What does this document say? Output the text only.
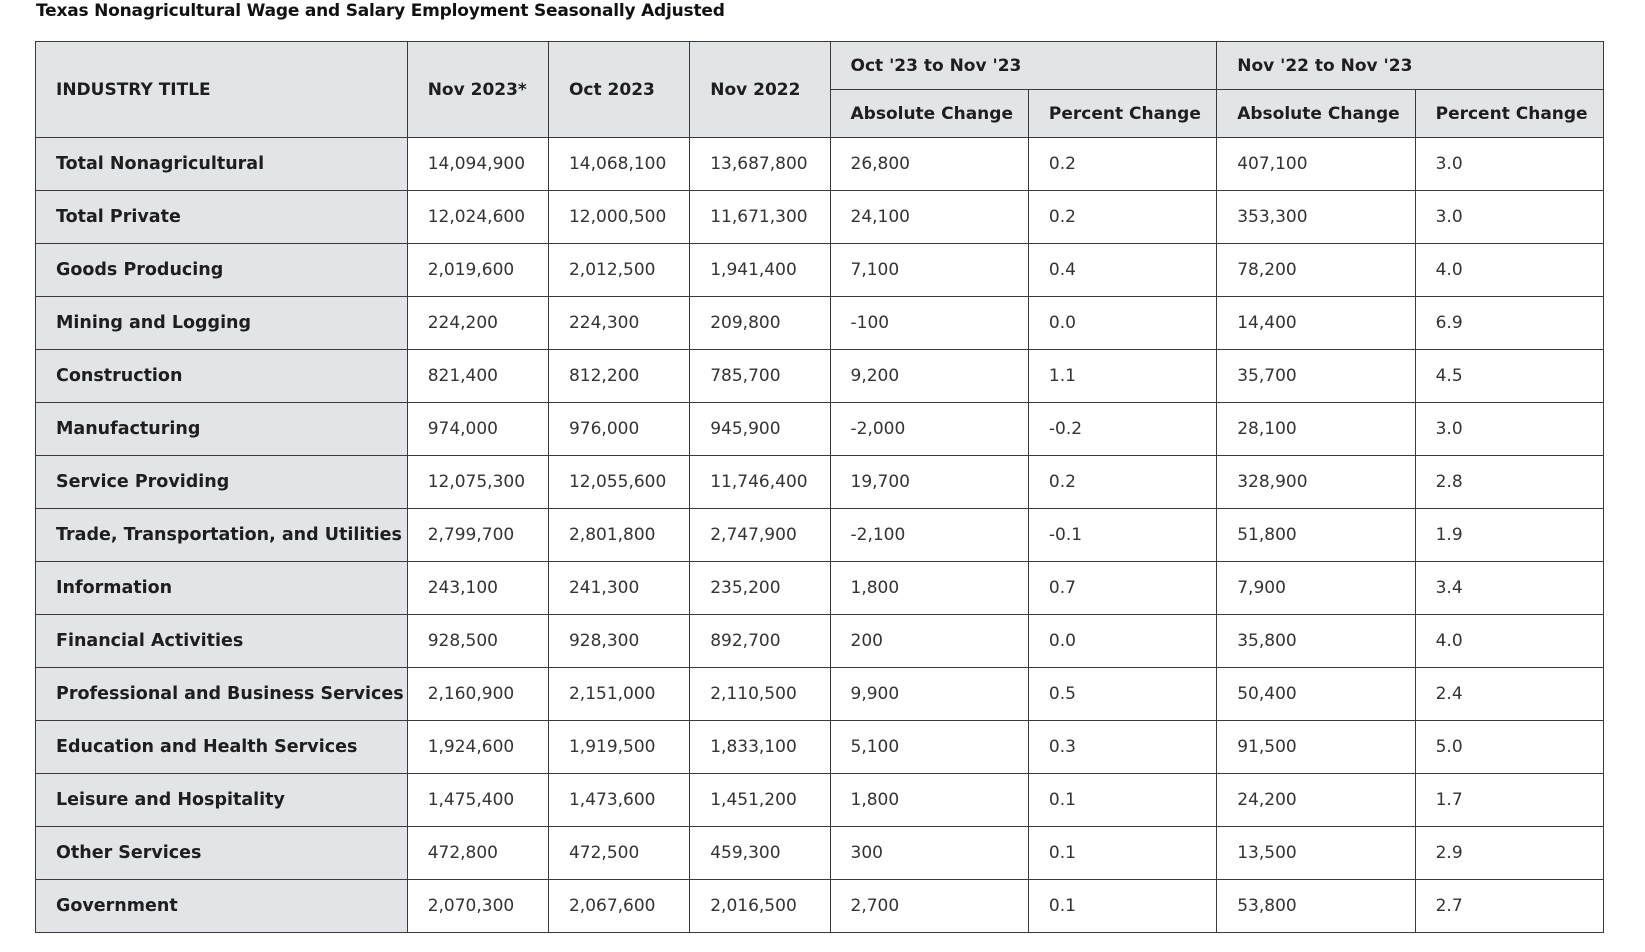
Texas Nonagricultural Wage and Salary Employment Seasonally Adjusted
INDUSTRY TITLE	Nov 2023*	Oct 2023	Nov 2022	Oct '23 to Nov '23		Nov '22 to Nov '23	
				Absolute Change	Percent Change	Absolute Change	Percent Change
Total Nonagricultural	14,094,900	14,068,100	13,687,800	26,800	0.2	407,100	3.0
Total Private	12,024,600	12,000,500	11,671,300	24,100	0.2	353,300	3.0
Goods Producing	2,019,600	2,012,500	1,941,400	7,100	0.4	78,200	4.0
Mining and Logging	224,200	224,300	209,800	-100	0.0	14,400	6.9
Construction	821,400	812,200	785,700	9,200	1.1	35,700	4.5
Manufacturing	974,000	976,000	945,900	-2,000	-0.2	28,100	3.0
Service Providing	12,075,300	12,055,600	11,746,400	19,700	0.2	328,900	2.8
Trade, Transportation, and Utilities	2,799,700	2,801,800	2,747,900	-2,100	-0.1	51,800	1.9
Information	243,100	241,300	235,200	1,800	0.7	7,900	3.4
Financial Activities	928,500	928,300	892,700	200	0.0	35,800	4.0
Professional and Business Services	2,160,900	2,151,000	2,110,500	9,900	0.5	50,400	2.4
Education and Health Services	1,924,600	1,919,500	1,833,100	5,100	0.3	91,500	5.0
Leisure and Hospitality	1,475,400	1,473,600	1,451,200	1,800	0.1	24,200	1.7
Other Services	472,800	472,500	459,300	300	0.1	13,500	2.9
Government	2,070,300	2,067,600	2,016,500	2,700	0.1	53,800	2.7
